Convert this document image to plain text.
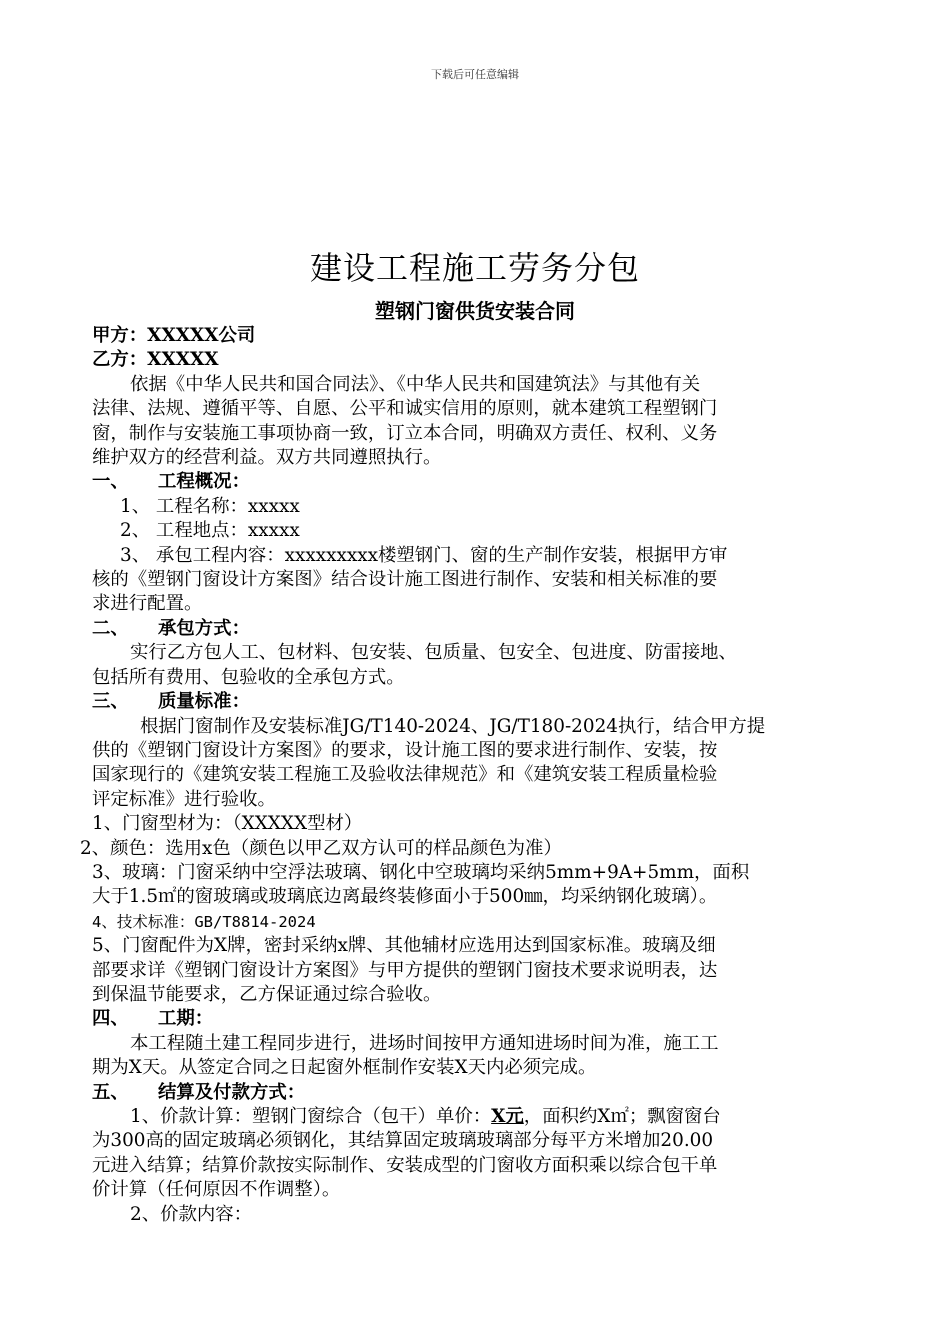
下载后可任意编辑
建设工程施工劳务分包
塑钢门窗供货安装合同

甲方：XXXXX公司

乙方：XXXXX

依据《中华人民共和国合同法》、《中华人民共和国建筑法》与其他有关

法律、法规、遵循平等、自愿、公平和诚实信用的原则，就本建筑工程塑钢门

窗，制作与安装施工事项协商一致，订立本合同，明确双方责任、权利、义务

维护双方的经营利益。双方共同遵照执行。

一、 工程概况：

1、 工程名称：xxxxx

2、 工程地点：xxxxx

3、 承包工程内容：xxxxxxxxx楼塑钢门、窗的生产制作安装，根据甲方审

核的《塑钢门窗设计方案图》结合设计施工图进行制作、安装和相关标准的要

求进行配置。

二、 承包方式：

实行乙方包人工、包材料、包安装、包质量、包安全、包进度、防雷接地、

包括所有费用、包验收的全承包方式。

三、 质量标准：

根据门窗制作及安装标准JG/T140-2024、JG/T180-2024执行，结合甲方提

供的《塑钢门窗设计方案图》的要求，设计施工图的要求进行制作、安装，按

国家现行的《建筑安装工程施工及验收法律规范》和《建筑安装工程质量检验

评定标准》进行验收。

1、门窗型材为：（XXXXX型材）

2、颜色：选用x色（颜色以甲乙双方认可的样品颜色为准）

3、玻璃：门窗采纳中空浮法玻璃、钢化中空玻璃均采纳5mm+9A+5mm，面积

大于1.5㎡的窗玻璃或玻璃底边离最终装修面小于500㎜，均采纳钢化玻璃）。

4、技术标准：GB/T8814-2024

5、门窗配件为X牌，密封采纳x牌、其他辅材应选用达到国家标准。玻璃及细

部要求详《塑钢门窗设计方案图》与甲方提供的塑钢门窗技术要求说明表，达

到保温节能要求，乙方保证通过综合验收。

四、 工期：

本工程随土建工程同步进行，进场时间按甲方通知进场时间为准，施工工

期为X天。从签定合同之日起窗外框制作安装X天内必须完成。

五、 结算及付款方式：

1、价款计算：塑钢门窗综合（包干）单价：X元，面积约X㎡；飘窗窗台

为300高的固定玻璃必须钢化，其结算固定玻璃玻璃部分每平方米增加20.00

元进入结算；结算价款按实际制作、安装成型的门窗收方面积乘以综合包干单

价计算（任何原因不作调整）。

2、价款内容：
